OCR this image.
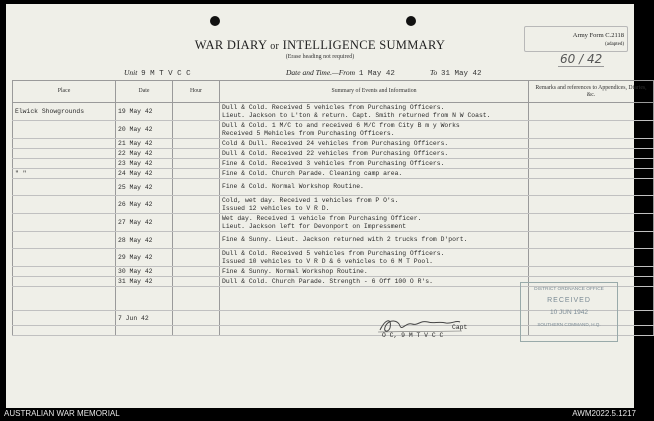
Army Form C.2118
(adapted)
60 / 42
WAR DIARY or INTELLIGENCE SUMMARY
(Erase heading not required)
Unit 9 M T V C C	Date and Time.—From 1 May 42	To 31 May 42
Place	Date	Hour	Summary of Events and Information	Remarks and references to Appendices, Diaries, &c.
Elwick Showgrounds	19 May 42		Dull & Cold. Received 5 vehicles from Purchasing Officers.
Lieut. Jackson to L'ton & return. Capt. Smith returned from N W Coast.	

	20 May 42		Dull & Cold. 1 M/C to and received 6 M/C from City B m y Works
Received 5 Mehicles from Purchasing Officers.	

	21 May 42		Cold & Dull. Received 24 vehicles from Purchasing Officers.	

	22 May 42		Dull & Cold. Received 22 vehicles from Purchasing Officers.	

	23 May 42		Fine & Cold. Received 3 vehicles from Purchasing Officers.	

" "	24 May 42		Fine & Cold. Church Parade. Cleaning camp area.	

	25 May 42		Fine & Cold. Normal Workshop Routine.	

	26 May 42		Cold, wet day. Received 1 vehicles from P O's.
Issued 12 vehicles to V R D.	

	27 May 42		Wet day. Received 1 vehicle from Purchasing Officer.
Lieut. Jackson left for Devonport on Impressment	

	28 May 42		Fine & Sunny. Lieut. Jackson returned with 2 trucks from D'port.	

	29 May 42		Dull & Cold. Received 5 vehicles from Purchasing Officers.
Issued 10 vehicles to V R D & 6 vehicles to 6 M T Pool.	

	30 May 42		Fine & Sunny. Normal Workshop Routine.	

	31 May 42		Dull & Cold. Church Parade. Strength - 6 Off 100 O R's.	

	7 Jun 42		

Capt
O C, 9 M T V C C
DISTRICT ORDNANCE OFFICE
RECEIVED
10 JUN 1942
SOUTHERN COMMAND, H.Q.
AUSTRALIAN WAR MEMORIAL	AWM2022.5.1217
